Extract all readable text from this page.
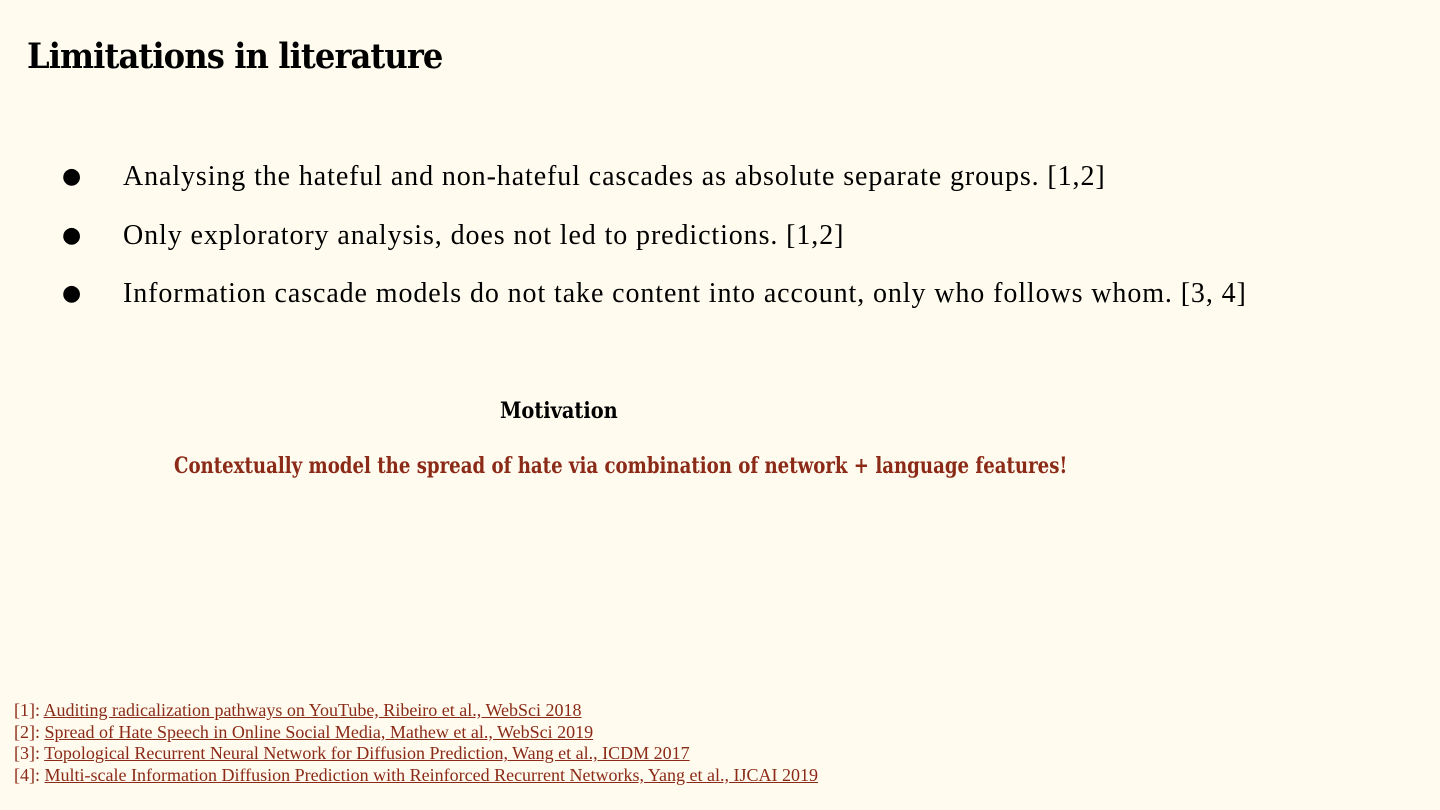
Limitations in literature
●	Analysing the hateful and non-hateful cascades as absolute separate groups. [1,2]
●	Only exploratory analysis, does not led to predictions. [1,2]
●	Information cascade models do not take content into account, only who follows whom. [3, 4]
Motivation

Contextually model the spread of hate via combination of network + language features!

[1]: Auditing radicalization pathways on YouTube, Ribeiro et al., WebSci 2018
[2]: Spread of Hate Speech in Online Social Media, Mathew et al., WebSci 2019
[3]: Topological Recurrent Neural Network for Diffusion Prediction, Wang et al., ICDM 2017
[4]: Multi-scale Information Diffusion Prediction with Reinforced Recurrent Networks, Yang et al., IJCAI 2019
